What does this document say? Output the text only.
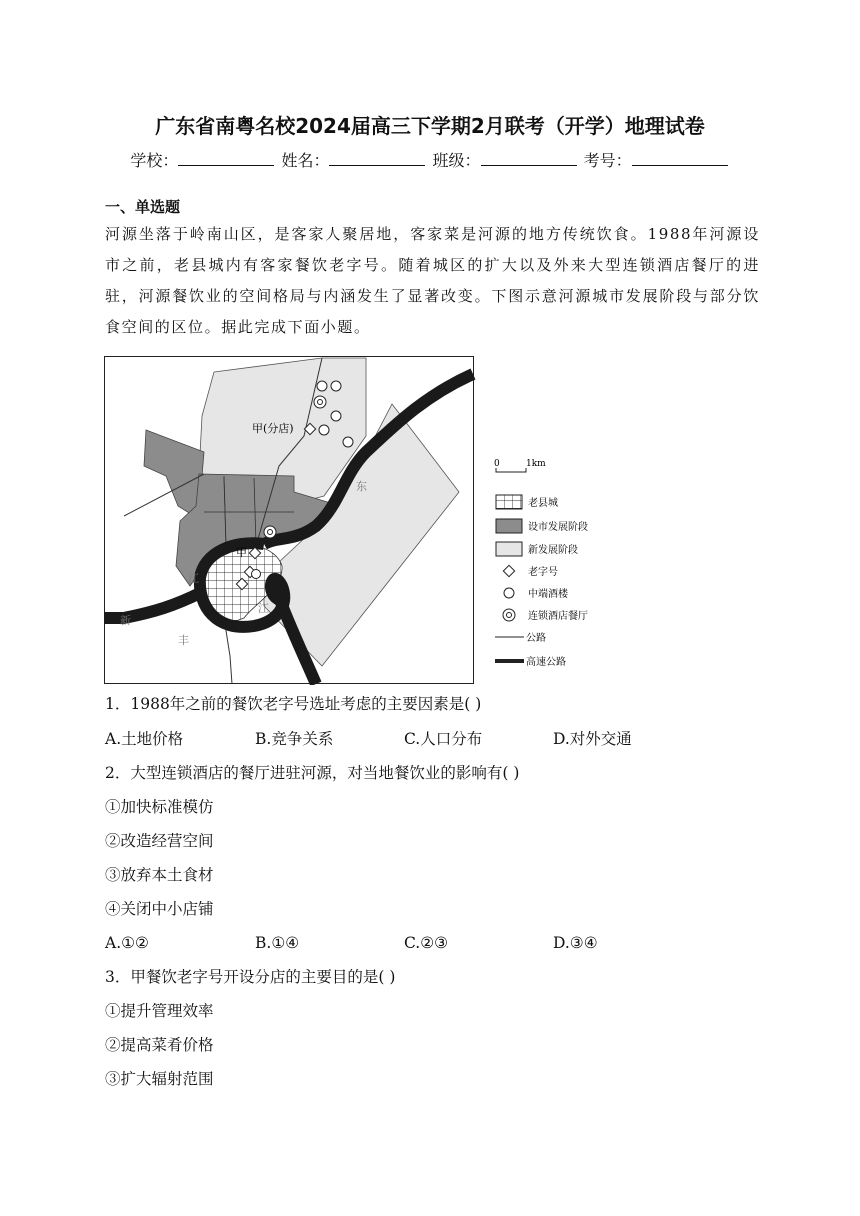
广东省南粤名校2024届高三下学期2月联考（开学）地理试卷
学校：	姓名：	班级：	考号：
一、单选题
河源坐落于岭南山区，是客家人聚居地，客家菜是河源的地方传统饮食。1988年河源设市之前，老县城内有客家餐饮老字号。随着城区的扩大以及外来大型连锁酒店餐厅的进驻，河源餐饮业的空间格局与内涵发生了显著改变。下图示意河源城市发展阶段与部分饮食空间的区位。据此完成下面小题。
甲(分店)
甲
东
江
江
新
丰
0	1km
老县城
设市发展阶段
新发展阶段
老字号
中端酒楼
连锁酒店餐厅
公路
高速公路
1．1988年之前的餐饮老字号选址考虑的主要因素是( )
A.土地价格	B.竞争关系	C.人口分布	D.对外交通
2．大型连锁酒店的餐厅进驻河源，对当地餐饮业的影响有( )
①加快标准模仿
②改造经营空间
③放弃本土食材
④关闭中小店铺
A.①②	B.①④	C.②③	D.③④
3．甲餐饮老字号开设分店的主要目的是( )
①提升管理效率
②提高菜肴价格
③扩大辐射范围
